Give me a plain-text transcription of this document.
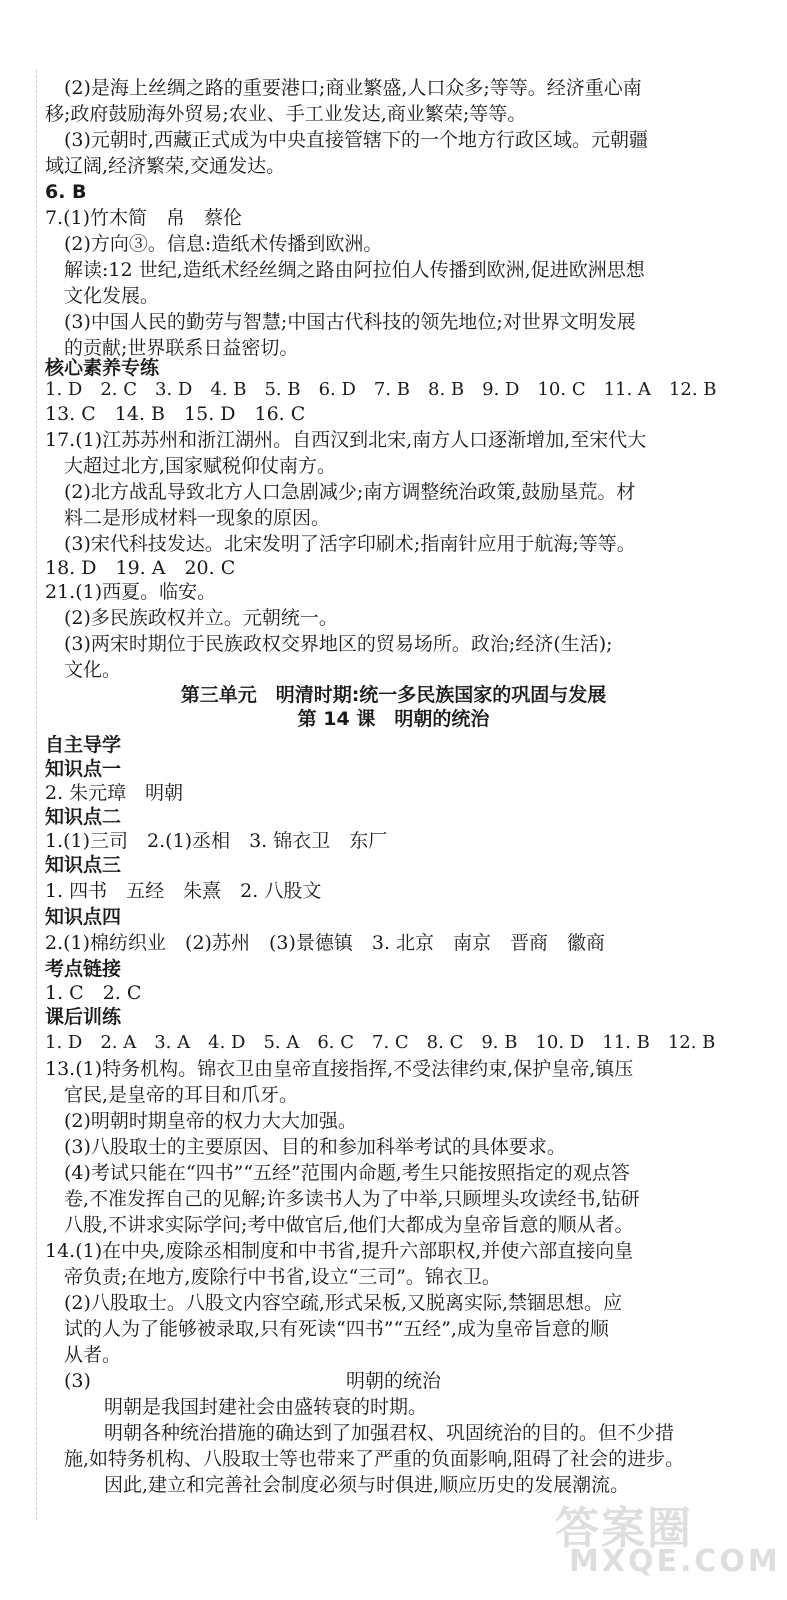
(2)是海上丝绸之路的重要港口;商业繁盛,人口众多;等等。经济重心南
移;政府鼓励海外贸易;农业、手工业发达,商业繁荣;等等。
(3)元朝时,西藏正式成为中央直接管辖下的一个地方行政区域。元朝疆
域辽阔,经济繁荣,交通发达。
6. B
7.(1)竹木简　帛　蔡伦
(2)方向③。信息:造纸术传播到欧洲。
解读:12 世纪,造纸术经丝绸之路由阿拉伯人传播到欧洲,促进欧洲思想
文化发展。
(3)中国人民的勤劳与智慧;中国古代科技的领先地位;对世界文明发展
的贡献;世界联系日益密切。
核心素养专练
1. D　2. C　3. D　4. B　5. B　6. D　7. B　8. B　9. D　10. C　11. A　12. B
13. C　14. B　15. D　16. C
17.(1)江苏苏州和浙江湖州。自西汉到北宋,南方人口逐渐增加,至宋代大
大超过北方,国家赋税仰仗南方。
(2)北方战乱导致北方人口急剧减少;南方调整统治政策,鼓励垦荒。材
料二是形成材料一现象的原因。
(3)宋代科技发达。北宋发明了活字印刷术;指南针应用于航海;等等。
18. D　19. A　20. C
21.(1)西夏。临安。
(2)多民族政权并立。元朝统一。
(3)两宋时期位于民族政权交界地区的贸易场所。政治;经济(生活);
文化。
第三单元　明清时期:统一多民族国家的巩固与发展
第 14 课　明朝的统治
自主导学
知识点一
2. 朱元璋　明朝
知识点二
1.(1)三司　2.(1)丞相　3. 锦衣卫　东厂
知识点三
1. 四书　五经　朱熹　2. 八股文
知识点四
2.(1)棉纺织业　(2)苏州　(3)景德镇　3. 北京　南京　晋商　徽商
考点链接
1. C　2. C
课后训练
1. D　2. A　3. A　4. D　5. A　6. C　7. C　8. C　9. B　10. D　11. B　12. B
13.(1)特务机构。锦衣卫由皇帝直接指挥,不受法律约束,保护皇帝,镇压
官民,是皇帝的耳目和爪牙。
(2)明朝时期皇帝的权力大大加强。
(3)八股取士的主要原因、目的和参加科举考试的具体要求。
(4)考试只能在“四书”“五经”范围内命题,考生只能按照指定的观点答
卷,不准发挥自己的见解;许多读书人为了中举,只顾埋头攻读经书,钻研
八股,不讲求实际学问;考中做官后,他们大都成为皇帝旨意的顺从者。
14.(1)在中央,废除丞相制度和中书省,提升六部职权,并使六部直接向皇
帝负责;在地方,废除行中书省,设立“三司”。锦衣卫。
(2)八股取士。八股文内容空疏,形式呆板,又脱离实际,禁锢思想。应
试的人为了能够被录取,只有死读“四书”“五经”,成为皇帝旨意的顺
从者。
(3)	明朝的统治
明朝是我国封建社会由盛转衰的时期。
明朝各种统治措施的确达到了加强君权、巩固统治的目的。但不少措
施,如特务机构、八股取士等也带来了严重的负面影响,阻碍了社会的进步。
因此,建立和完善社会制度必须与时俱进,顺应历史的发展潮流。
答案圈
MXQE.COM
